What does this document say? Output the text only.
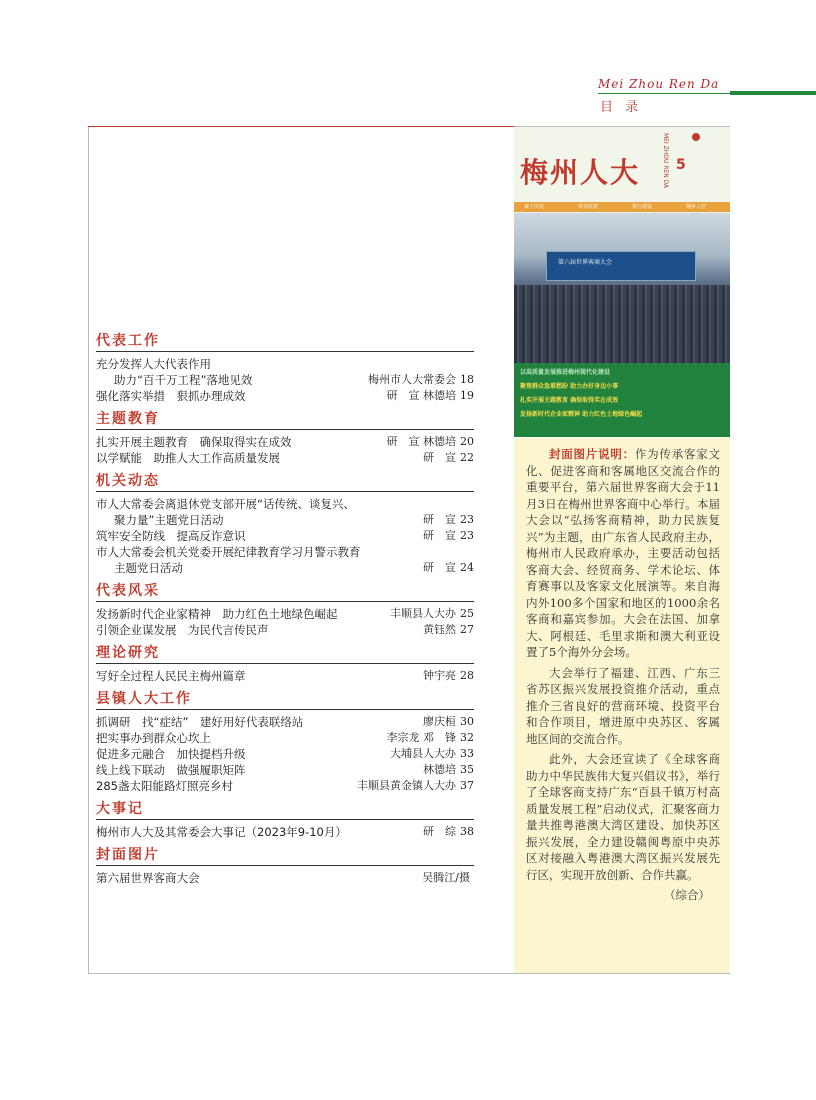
Mei Zhou Ren Da
目 录
代表工作
充分发挥人大代表作用
助力“百千万工程”落地见效	梅州市人大常委会 18
强化落实举措　狠抓办理成效	研　宣 林德培 19
主题教育
扎实开展主题教育　确保取得实在成效	研　宣 林德培 20
以学赋能　助推人大工作高质量发展	研　宣 22
机关动态
市人大常委会离退休党支部开展“话传统、谈复兴、
聚力量”主题党日活动	研　宣 23
筑牢安全防线　提高反诈意识	研　宣 23
市人大常委会机关党委开展纪律教育学习月警示教育
主题党日活动	研　宣 24
代表风采
发扬新时代企业家精神　助力红色土地绿色崛起	丰顺县人大办 25
引领企业谋发展　为民代言传民声	黄钰然 27
理论研究
写好全过程人民民主梅州篇章	钟宇亮 28
县镇人大工作
抓调研　找“症结”　建好用好代表联络站	廖庆桓 30
把实事办到群众心坎上	李宗龙 邓　锋 32
促进多元融合　加快提档升级	大埔县人大办 33
线上线下联动　做强履职矩阵	林德培 35
285盏太阳能路灯照亮乡村	丰顺县黄金镇人大办 37
大事记
梅州市人大及其常委会大事记（2023年9-10月）	研　综 38
封面图片
第六届世界客商大会	吴腾江/摄
梅州人大	MEI ZHOU REN DA 5
谋于决议	林业监督	推行建设	城乡人居
第六届世界客商大会
以高质量发展推进梅州现代化建设
聚焦群众急难愁盼 助力办好身边小事
扎实开展主题教育 确保取得实在成效
发扬新时代企业家精神 助力红色土地绿色崛起

封面图片说明：作为传承客家文化、促进客商和客属地区交流合作的重要平台，第六届世界客商大会于11月3日在梅州世界客商中心举行。本届大会以“弘扬客商精神，助力民族复兴”为主题，由广东省人民政府主办，梅州市人民政府承办，主要活动包括客商大会、经贸商务、学术论坛、体育赛事以及客家文化展演等。来自海内外100多个国家和地区的1000余名客商和嘉宾参加。大会在法国、加拿大、阿根廷、毛里求斯和澳大利亚设置了5个海外分会场。

大会举行了福建、江西、广东三省苏区振兴发展投资推介活动，重点推介三省良好的营商环境、投资平台和合作项目，增进原中央苏区、客属地区间的交流合作。

此外，大会还宣读了《全球客商助力中华民族伟大复兴倡议书》，举行了全球客商支持广东“百县千镇万村高质量发展工程”启动仪式，汇聚客商力量共推粤港澳大湾区建设、加快苏区振兴发展，全力建设赣闽粤原中央苏区对接融入粤港澳大湾区振兴发展先行区，实现开放创新、合作共赢。

（综合）
